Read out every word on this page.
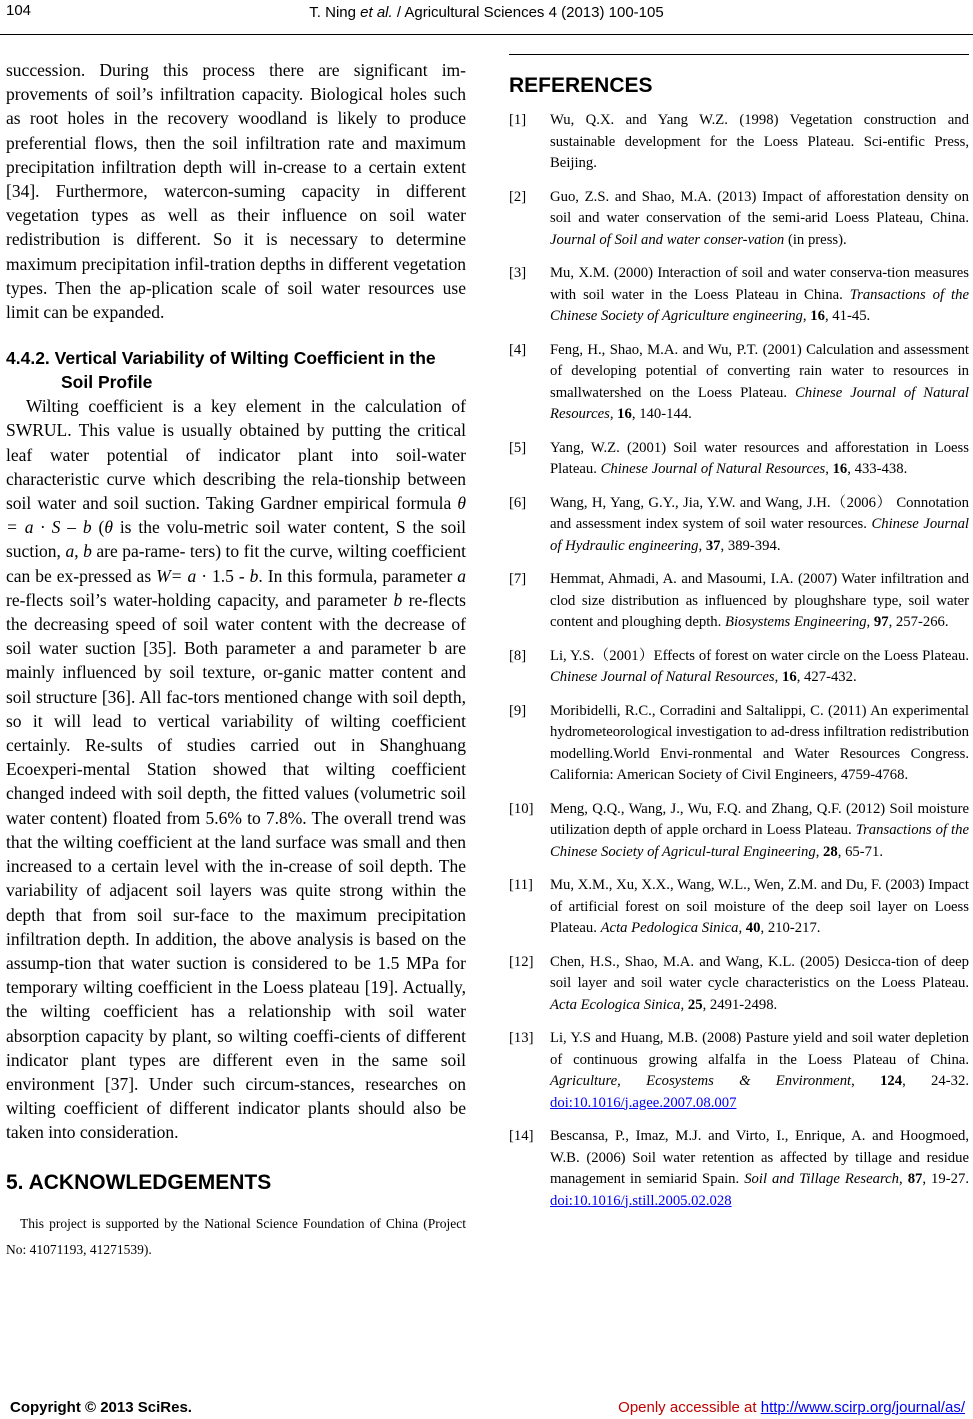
104	T. Ning et al. / Agricultural Sciences 4 (2013) 100-105

succession. During this process there are significant im-provements of soil’s infiltration capacity. Biological holes such as root holes in the recovery woodland is likely to produce preferential flows, then the soil infiltration rate and maximum precipitation infiltration depth will in-crease to a certain extent [34]. Furthermore, watercon-suming capacity in different vegetation types as well as their influence on soil water redistribution is different. So it is necessary to determine maximum precipitation infil-tration depths in different vegetation types. Then the ap-plication scale of soil water resources use limit can be expanded.

4.4.2. Vertical Variability of Wilting Coefficient in the Soil Profile

Wilting coefficient is a key element in the calculation of SWRUL. This value is usually obtained by putting the critical leaf water potential of indicator plant into soil-water characteristic curve which describing the rela-tionship between soil water and soil suction. Taking Gardner empirical formula θ = a · S – b (θ is the volu-metric soil water content, S the soil suction, a, b are pa-rame- ters) to fit the curve, wilting coefficient can be ex-pressed as W= a · 1.5 - b. In this formula, parameter a re-flects soil’s water-holding capacity, and parameter b re-flects the decreasing speed of soil water content with the decrease of soil water suction [35]. Both parameter a and parameter b are mainly influenced by soil texture, or-ganic matter content and soil structure [36]. All fac-tors mentioned change with soil depth, so it will lead to vertical variability of wilting coefficient certainly. Re-sults of studies carried out in Shanghuang Ecoexperi-mental Station showed that wilting coefficient changed indeed with soil depth, the fitted values (volumetric soil water content) floated from 5.6% to 7.8%. The overall trend was that the wilting coefficient at the land surface was small and then increased to a certain level with the in-crease of soil depth. The variability of adjacent soil layers was quite strong within the depth that from soil sur-face to the maximum precipitation infiltration depth. In addition, the above analysis is based on the assump-tion that water suction is considered to be 1.5 MPa for temporary wilting coefficient in the Loess plateau [19]. Actually, the wilting coefficient has a relationship with soil water absorption capacity by plant, so wilting coeffi-cients of different indicator plant types are different even in the same soil environment [37]. Under such circum-stances, researches on wilting coefficient of different indicator plants should also be taken into consideration.

5. ACKNOWLEDGEMENTS

This project is supported by the National Science Foundation of China (Project No: 41071193, 41271539).

REFERENCES
[1] Wu, Q.X. and Yang W.Z. (1998) Vegetation construction and sustainable development for the Loess Plateau. Sci-entific Press, Beijing.
[2] Guo, Z.S. and Shao, M.A. (2013) Impact of afforestation density on soil and water conservation of the semi-arid Loess Plateau, China. Journal of Soil and water conser-vation (in press).
[3] Mu, X.M. (2000) Interaction of soil and water conserva-tion measures with soil water in the Loess Plateau in China. Transactions of the Chinese Society of Agriculture engineering, 16, 41-45.
[4] Feng, H., Shao, M.A. and Wu, P.T. (2001) Calculation and assessment of developing potential of converting rain water to resources in smallwatershed on the Loess Plateau. Chinese Journal of Natural Resources, 16, 140-144.
[5] Yang, W.Z. (2001) Soil water resources and afforestation in Loess Plateau. Chinese Journal of Natural Resources, 16, 433-438.
[6] Wang, H, Yang, G.Y., Jia, Y.W. and Wang, J.H.（2006） Connotation and assessment index system of soil water resources. Chinese Journal of Hydraulic engineering, 37, 389-394.
[7] Hemmat, Ahmadi, A. and Masoumi, I.A. (2007) Water infiltration and clod size distribution as influenced by ploughshare type, soil water content and ploughing depth. Biosystems Engineering, 97, 257-266.
[8] Li, Y.S.（2001）Effects of forest on water circle on the Loess Plateau. Chinese Journal of Natural Resources, 16, 427-432.
[9] Moribidelli, R.C., Corradini and Saltalippi, C. (2011) An experimental hydrometeorological investigation to ad-dress infiltration redistribution modelling.World Envi-ronmental and Water Resources Congress. California: American Society of Civil Engineers, 4759-4768.
[10] Meng, Q.Q., Wang, J., Wu, F.Q. and Zhang, Q.F. (2012) Soil moisture utilization depth of apple orchard in Loess Plateau. Transactions of the Chinese Society of Agricul-tural Engineering, 28, 65-71.
[11] Mu, X.M., Xu, X.X., Wang, W.L., Wen, Z.M. and Du, F. (2003) Impact of artificial forest on soil moisture of the deep soil layer on Loess Plateau. Acta Pedologica Sinica, 40, 210-217.
[12] Chen, H.S., Shao, M.A. and Wang, K.L. (2005) Desicca-tion of deep soil layer and soil water cycle characteristics on the Loess Plateau. Acta Ecologica Sinica, 25, 2491-2498.
[13] Li, Y.S and Huang, M.B. (2008) Pasture yield and soil water depletion of continuous growing alfalfa in the Loess Plateau of China. Agriculture, Ecosystems & Environment, 124, 24-32. doi:10.1016/j.agee.2007.08.007
[14] Bescansa, P., Imaz, M.J. and Virto, I., Enrique, A. and Hoogmoed, W.B. (2006) Soil water retention as affected by tillage and residue management in semiarid Spain. Soil and Tillage Research, 87, 19-27. doi:10.1016/j.still.2005.02.028
Copyright © 2013 SciRes.	Openly accessible at http://www.scirp.org/journal/as/
